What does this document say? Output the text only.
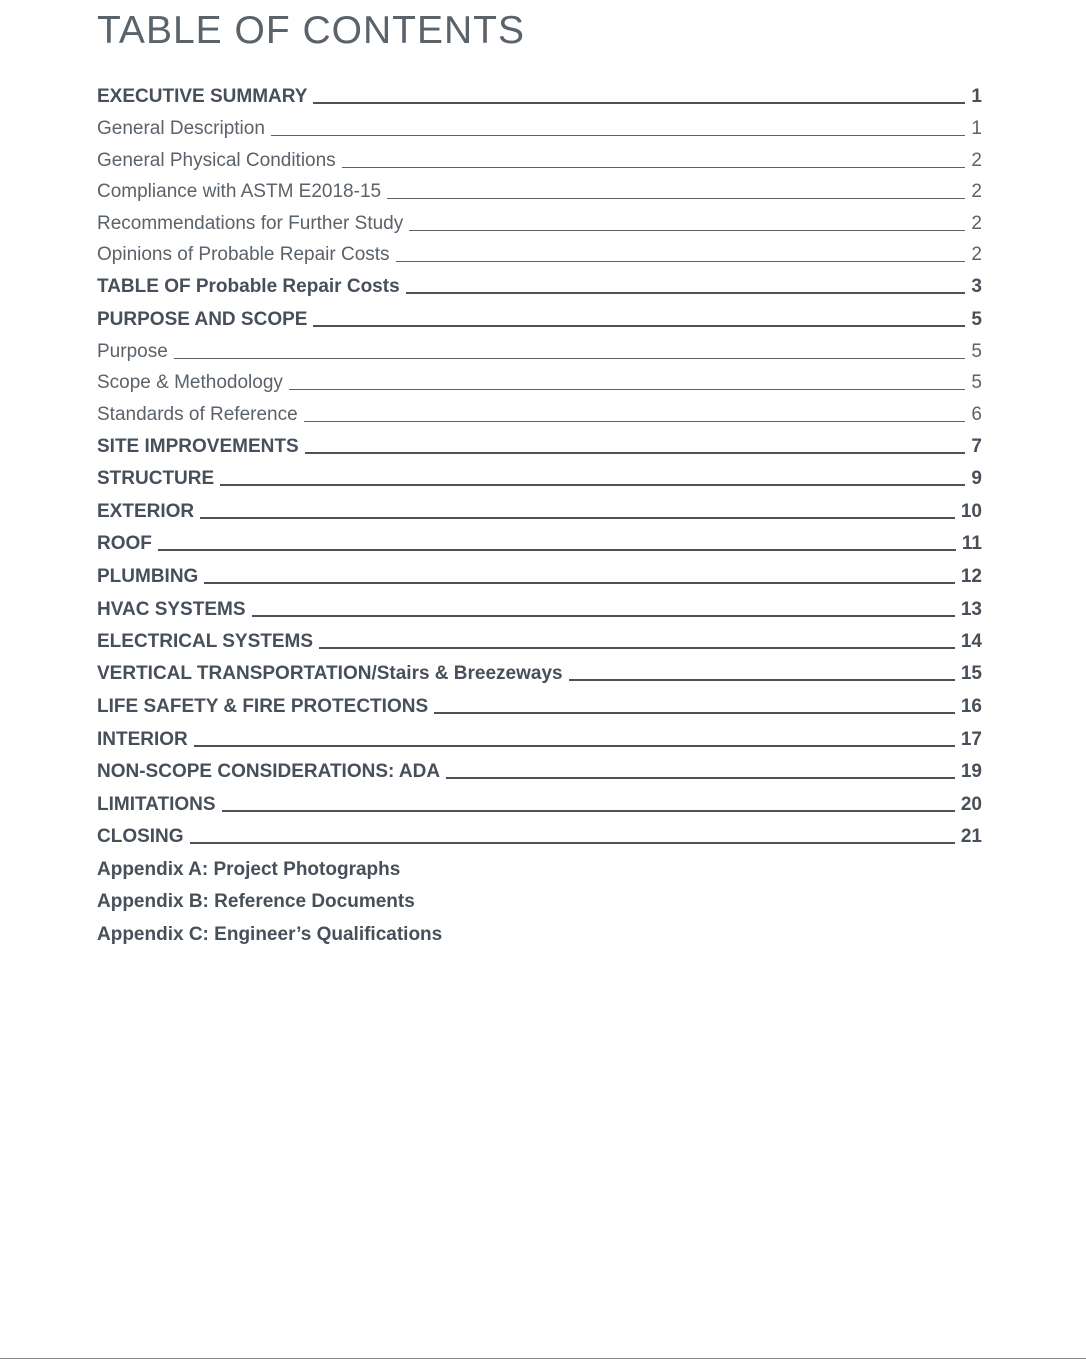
TABLE OF CONTENTS
EXECUTIVE SUMMARY	1
General Description	1
General Physical Conditions	2
Compliance with ASTM E2018-15	2
Recommendations for Further Study	2
Opinions of Probable Repair Costs	2
TABLE OF Probable Repair Costs	3
PURPOSE AND SCOPE	5
Purpose	5
Scope & Methodology	5
Standards of Reference	6
SITE IMPROVEMENTS	7
STRUCTURE	9
EXTERIOR	10
ROOF	11
PLUMBING	12
HVAC SYSTEMS	13
ELECTRICAL SYSTEMS	14
VERTICAL TRANSPORTATION/Stairs & Breezeways	15
LIFE SAFETY & FIRE PROTECTIONS	16
INTERIOR	17
NON-SCOPE CONSIDERATIONS: ADA	19
LIMITATIONS	20
CLOSING	21
Appendix A: Project Photographs
Appendix B: Reference Documents
Appendix C: Engineer’s Qualifications
